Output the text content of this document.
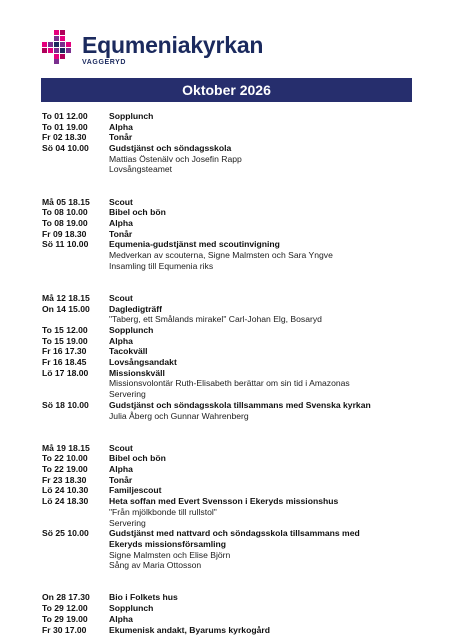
Equmeniakyrkan
VAGGERYD
Oktober 2026
To 01 12.00	Sopplunch
To 01 19.00	Alpha
Fr 02 18.30	Tonår
Sö 04 10.00	Gudstjänst och söndagsskola
Mattias Östenälv och Josefin Rapp
Lovsångsteamet
Må 05 18.15	Scout
To 08 10.00	Bibel och bön
To 08 19.00	Alpha
Fr 09 18.30	Tonår
Sö 11 10.00	Equmenia-gudstjänst med scoutinvigning
Medverkan av scouterna, Signe Malmsten och Sara Yngve
Insamling till Equmenia riks
Må 12 18.15	Scout
On 14 15.00	Dagledigträff
"Taberg, ett Smålands mirakel" Carl-Johan Elg, Bosaryd
To 15 12.00	Sopplunch
To 15 19.00	Alpha
Fr 16 17.30	Tacokväll
Fr 16 18.45	Lovsångsandakt
Lö 17 18.00	Missionskväll
Missionsvolontär Ruth-Elisabeth berättar om sin tid i Amazonas
Servering
Sö 18 10.00	Gudstjänst och söndagsskola tillsammans med Svenska kyrkan
Julia Åberg och Gunnar Wahrenberg
Må 19 18.15	Scout
To 22 10.00	Bibel och bön
To 22 19.00	Alpha
Fr 23 18.30	Tonår
Lö 24 10.30	Familjescout
Lö 24 18.30	Heta soffan med Evert Svensson i Ekeryds missionshus
"Från mjölkbonde till rullstol"
Servering
Sö 25 10.00	Gudstjänst med nattvard och söndagsskola tillsammans med
Ekeryds missionsförsamling
Signe Malmsten och Elise Björn
Sång av Maria Ottosson
On 28 17.30	Bio i Folkets hus
To 29 12.00	Sopplunch
To 29 19.00	Alpha
Fr 30 17.00	Ekumenisk andakt, Byarums kyrkogård
